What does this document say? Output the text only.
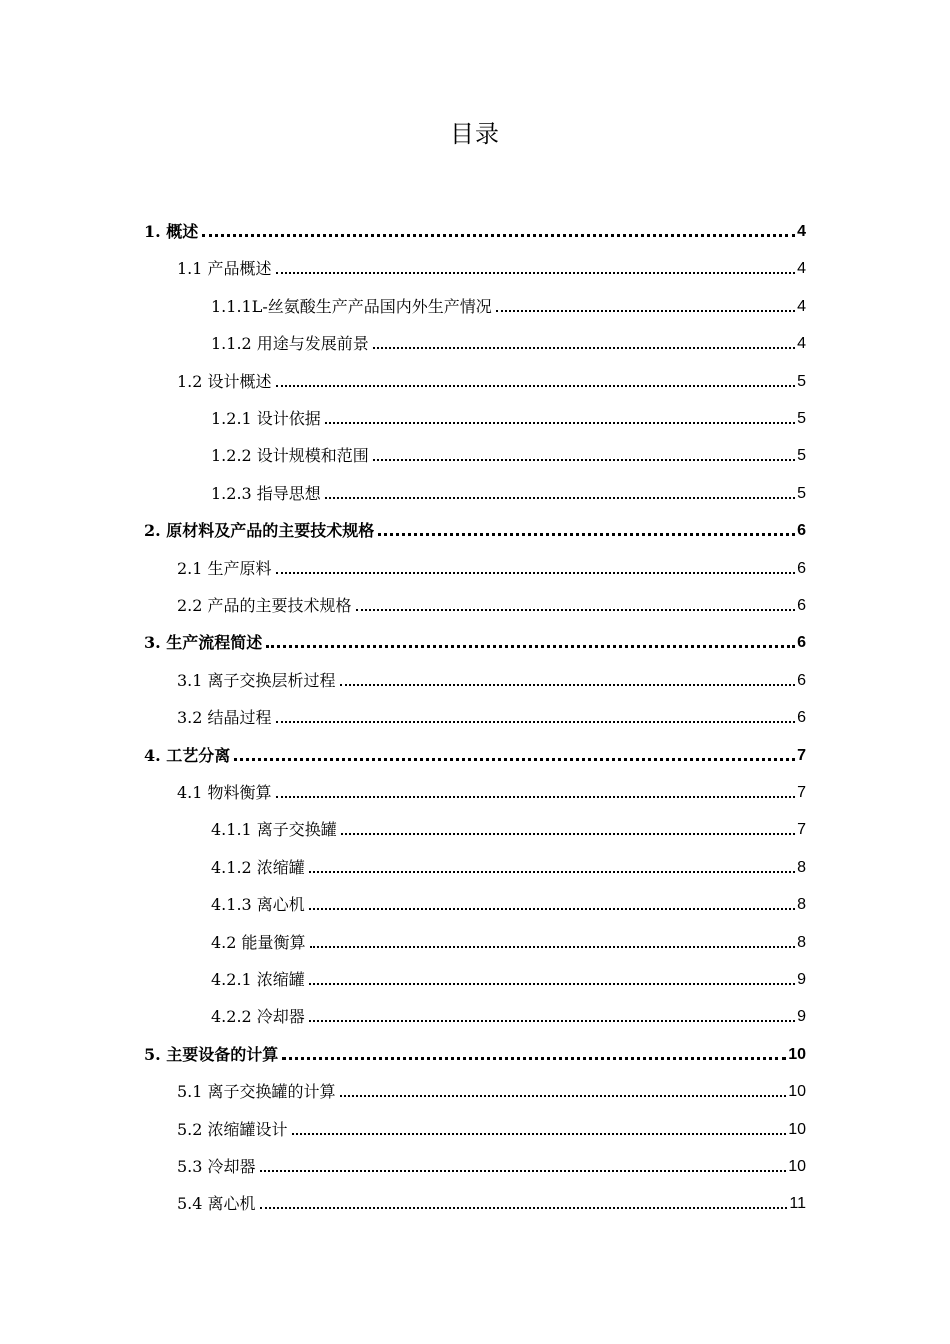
目录
1. 概述	4
1.1 产品概述	4
1.1.1L-丝氨酸生产产品国内外生产情况	4
1.1.2 用途与发展前景	4
1.2 设计概述	5
1.2.1 设计依据	5
1.2.2 设计规模和范围	5
1.2.3 指导思想	5
2. 原材料及产品的主要技术规格	6
2.1 生产原料	6
2.2 产品的主要技术规格	6
3. 生产流程简述	6
3.1 离子交换层析过程	6
3.2 结晶过程	6
4. 工艺分离	7
4.1 物料衡算	7
4.1.1 离子交换罐	7
4.1.2 浓缩罐	8
4.1.3 离心机	8
4.2 能量衡算	8
4.2.1 浓缩罐	9
4.2.2 冷却器	9
5. 主要设备的计算	10
5.1 离子交换罐的计算	10
5.2 浓缩罐设计	10
5.3 冷却器	10
5.4 离心机	11
